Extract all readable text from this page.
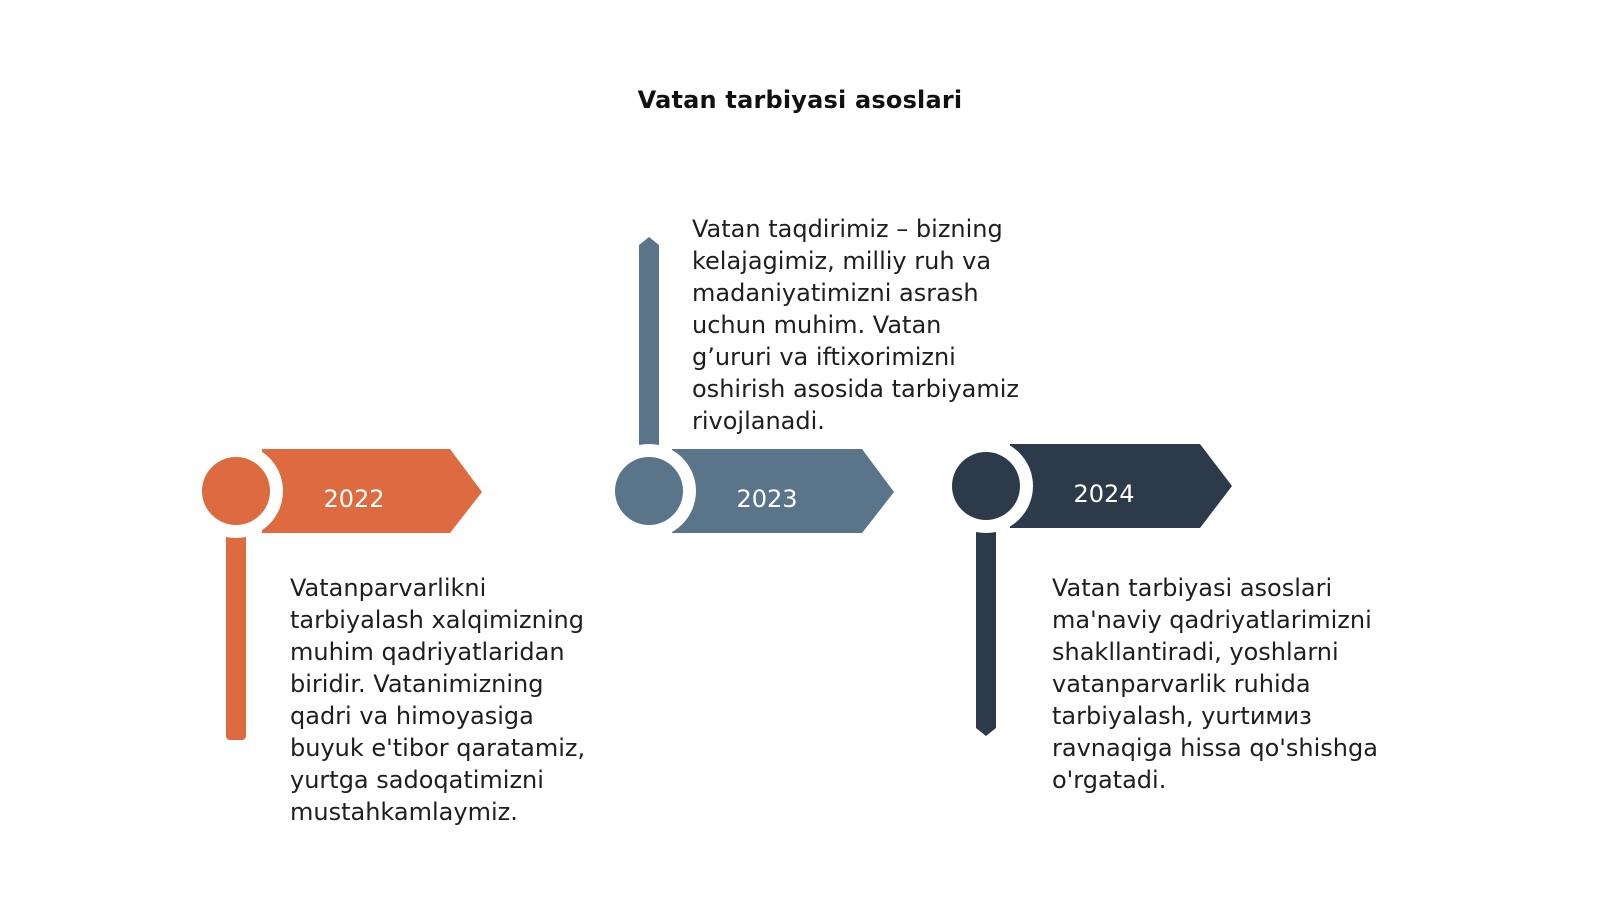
Vatan tarbiyasi asoslari
2022	2023	2024

Vatanparvarlikni
tarbiyalash xalqimizning
muhim qadriyatlaridan
biridir. Vatanimizning
qadri va himoyasiga
buyuk e'tibor qaratamiz,
yurtga sadoqatimizni
mustahkamlaymiz.

Vatan taqdirimiz – bizning
kelajagimiz, milliy ruh va
madaniyatimizni asrash
uchun muhim. Vatan
g’ururi va iftixorimizni
oshirish asosida tarbiyamiz
rivojlanadi.

Vatan tarbiyasi asoslari
ma'naviy qadriyatlarimizni
shakllantiradi, yoshlarni
vatanparvarlik ruhida
tarbiyalash, yurtимиз
ravnaqiga hissa qo'shishga
o'rgatadi.
